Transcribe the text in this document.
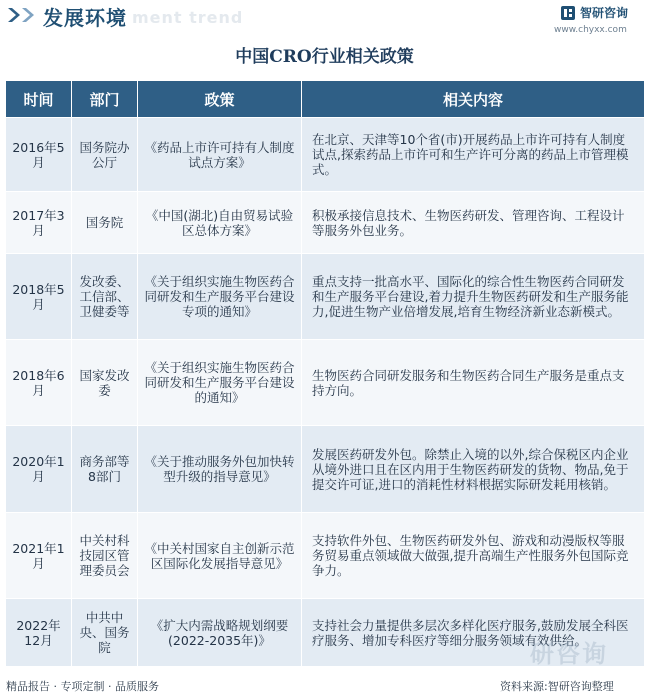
发展环境 ment trend	智研咨询
www.chyxx.com
中国CRO行业相关政策
时间	部门	政策	相关内容
2016年5月	国务院办公厅	《药品上市许可持有人制度试点方案》	在北京、天津等10个省(市)开展药品上市许可持有人制度试点,探索药品上市许可和生产许可分离的药品上市管理模式。
2017年3月	国务院	《中国(湖北)自由贸易试验区总体方案》	积极承接信息技术、生物医药研发、管理咨询、工程设计等服务外包业务。
2018年5月	发改委、工信部、卫健委等	《关于组织实施生物医药合同研发和生产服务平台建设专项的通知》	重点支持一批高水平、国际化的综合性生物医药合同研发和生产服务平台建设,着力提升生物医药研发和生产服务能力,促进生物产业倍增发展,培育生物经济新业态新模式。
2018年6月	国家发改委	《关于组织实施生物医药合同研发和生产服务平台建设的通知》	生物医药合同研发服务和生物医药合同生产服务是重点支持方向。
2020年1月	商务部等8部门	《关于推动服务外包加快转型升级的指导意见》	发展医药研发外包。除禁止入境的以外,综合保税区内企业从境外进口且在区内用于生物医药研发的货物、物品,免于提交许可证,进口的消耗性材料根据实际研发耗用核销。
2021年1月	中关村科技园区管理委员会	《中关村国家自主创新示范区国际化发展指导意见》	支持软件外包、生物医药研发外包、游戏和动漫版权等服务贸易重点领域做大做强,提升高端生产性服务外包国际竞争力。
2022年12月	中共中央、国务院	《扩大内需战略规划纲要(2022-2035年)》	支持社会力量提供多层次多样化医疗服务,鼓励发展全科医疗服务、增加专科医疗等细分服务领域有效供给。
研咨询
精品报告 · 专项定制 · 品质服务	资料来源:智研咨询整理
